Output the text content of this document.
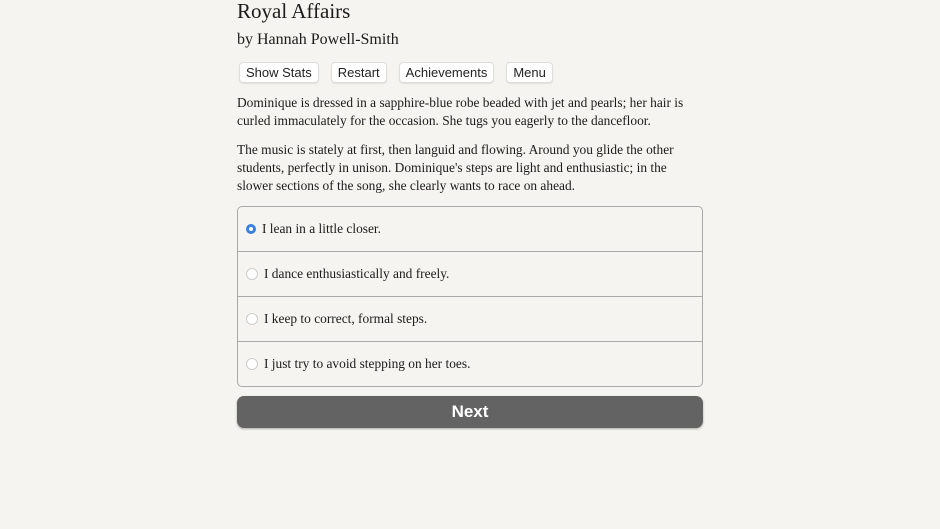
Royal Affairs
by Hannah Powell-Smith
Show Stats	Restart	Achievements	Menu

Dominique is dressed in a sapphire-blue robe beaded with jet and pearls; her hair is curled immaculately for the occasion. She tugs you eagerly to the dancefloor.

The music is stately at first, then languid and flowing. Around you glide the other students, perfectly in unison. Dominique's steps are light and enthusiastic; in the slower sections of the song, she clearly wants to race on ahead.

I lean in a little closer.
I dance enthusiastically and freely.
I keep to correct, formal steps.
I just try to avoid stepping on her toes.
Next
